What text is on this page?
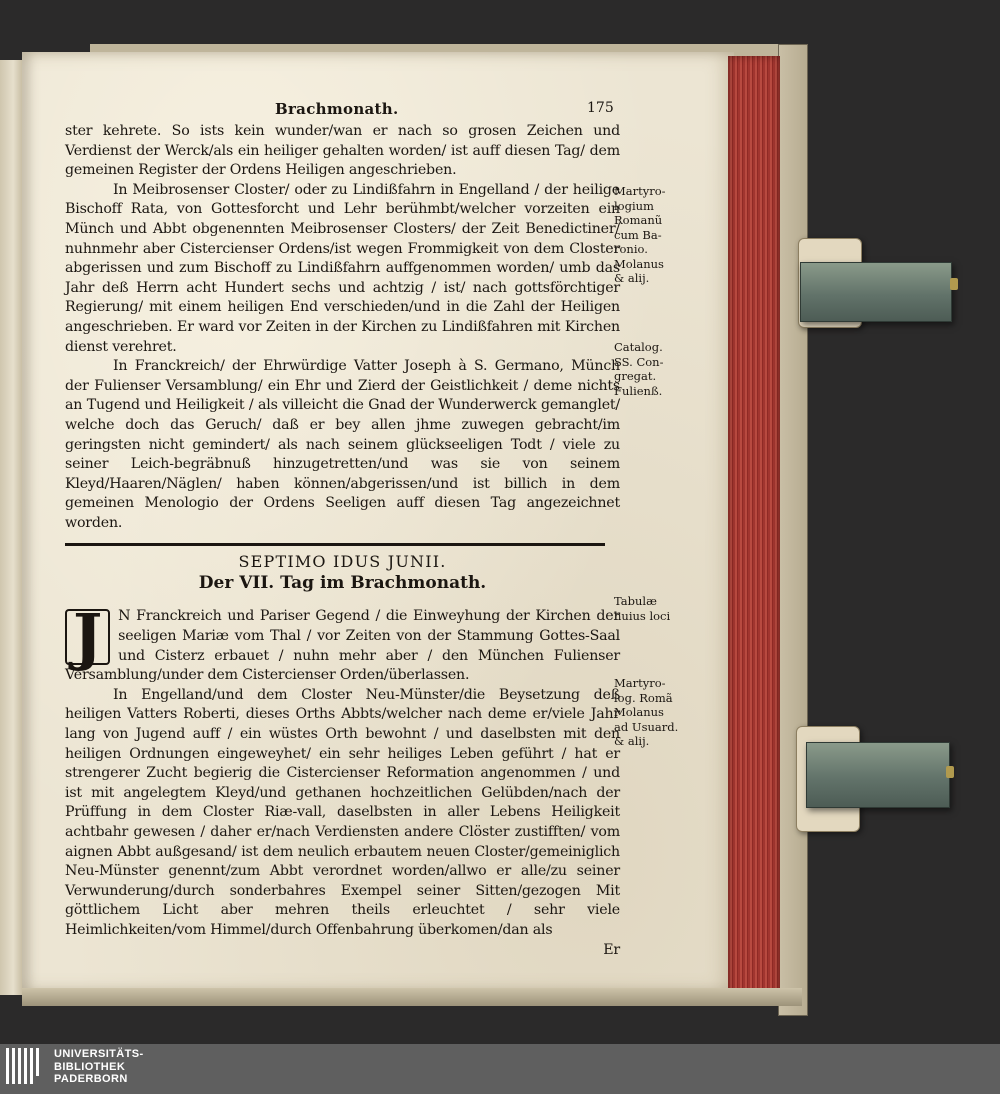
Brachmonath.	175

ster kehrete. So ists kein wunder/wan er nach so grosen Zeichen und Verdienst der Werck/als ein heiliger gehalten worden/ ist auff diesen Tag/ dem gemeinen Register der Ordens Heiligen angeschrieben.

In Meibrosenser Closter/ oder zu Lindißfahrn in Engelland / der heilige Bischoff Rata, von Gottesforcht und Lehr berühmbt/welcher vorzeiten ein Münch und Abbt obgenennten Meibrosenser Closters/ der Zeit Benedictiner/ nuhnmehr aber Cistercienser Ordens/ist wegen Frommigkeit von dem Closter abgerissen und zum Bischoff zu Lindißfahrn auffgenommen worden/ umb das Jahr deß Herrn acht Hundert sechs und achtzig / ist/ nach gottsförchtiger Regierung/ mit einem heiligen End verschieden/und in die Zahl der Heiligen angeschrieben. Er ward vor Zeiten in der Kirchen zu Lindißfahren mit Kirchen dienst verehret.

In Franckreich/ der Ehrwürdige Vatter Joseph à S. Germano, Münch der Fulienser Versamblung/ ein Ehr und Zierd der Geistlichkeit / deme nichts an Tugend und Heiligkeit / als villeicht die Gnad der Wunderwerck gemanglet/ welche doch das Geruch/ daß er bey allen jhme zuwegen gebracht/im geringsten nicht gemindert/ als nach seinem glückseeligen Todt / viele zu seiner Leich-begräbnuß hinzugetretten/und was sie von seinem Kleyd/Haaren/Näglen/ haben können/abgerissen/und ist billich in dem gemeinen Menologio der Ordens Seeligen auff diesen Tag angezeichnet worden.

SEPTIMO IDUS JUNII.
Der VII. Tag im Brachmonath.

J	N Franckreich und Pariser Gegend / die Einweyhung der Kirchen der seeligen Mariæ vom Thal / vor Zeiten von der Stammung Gottes-Saal und Cisterz erbauet / nuhn mehr aber / den München Fulienser Versamblung/under dem Cistercienser Orden/überlassen.

In Engelland/und dem Closter Neu-Münster/die Beysetzung deß heiligen Vatters Roberti, dieses Orths Abbts/welcher nach deme er/viele Jahr lang von Jugend auff / ein wüstes Orth bewohnt / und daselbsten mit den heiligen Ordnungen eingeweyhet/ ein sehr heiliges Leben geführt / hat er strengerer Zucht begierig die Cistercienser Reformation angenommen / und ist mit angelegtem Kleyd/und gethanen hochzeitlichen Gelübden/nach der Prüffung in dem Closter Riæ-vall, daselbsten in aller Lebens Heiligkeit achtbahr gewesen / daher er/nach Verdiensten andere Clöster zustifften/ vom aignen Abbt außgesand/ ist dem neulich erbautem neuen Closter/gemeiniglich Neu-Münster genennt/zum Abbt verordnet worden/allwo er alle/zu seiner Verwunderung/durch sonderbahres Exempel seiner Sitten/gezogen Mit göttlichem Licht aber mehren theils erleuchtet / sehr viele Heimlichkeiten/vom Himmel/durch Offenbahrung überkomen/dan als

Er

Martyro-
logium
Romanũ
cum Ba-
ronio.
Molanus
& alij.
Catalog.
SS. Con-
gregat.
Fulienß.
Tabulæ
huius loci
Martyro-
log. Romã
Molanus
ad Usuard.
& alij.
UNIVERSITÄTS-
BIBLIOTHEK
PADERBORN
